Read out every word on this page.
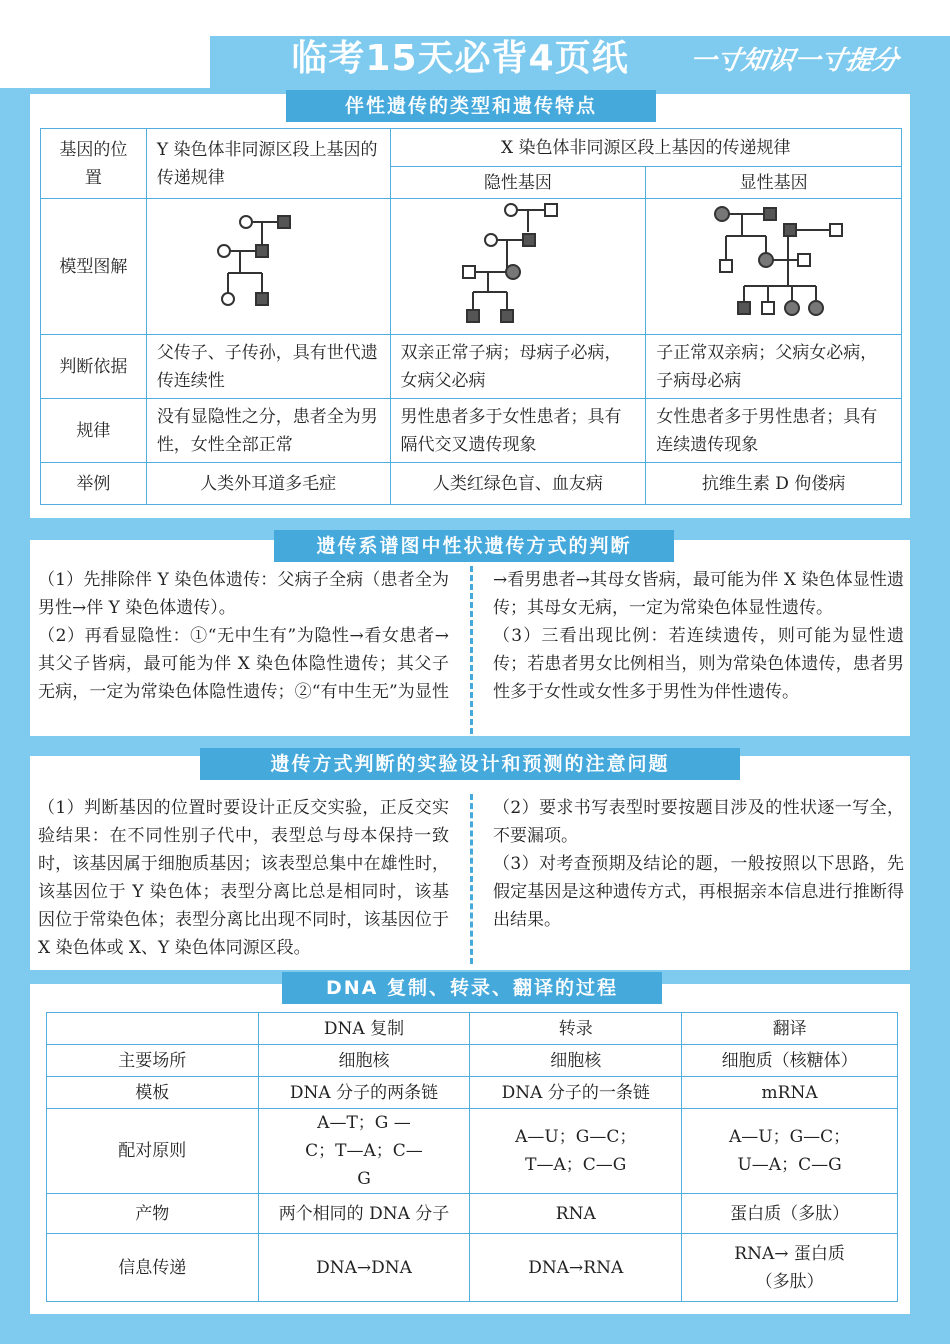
临考15天必背4页纸	一寸知识一寸提分
伴性遗传的类型和遗传特点
基因的位置	Y 染色体非同源区段上基因的传递规律	X 染色体非同源区段上基因的传递规律	
		隐性基因	显性基因
模型图解			
判断依据	父传子、子传孙，具有世代遗传连续性	双亲正常子病；母病子必病，女病父必病	子正常双亲病；父病女必病，子病母必病
规律	没有显隐性之分，患者全为男性，女性全部正常	男性患者多于女性患者；具有隔代交叉遗传现象	女性患者多于男性患者；具有连续遗传现象
举例	人类外耳道多毛症	人类红绿色盲、血友病	抗维生素 D 佝偻病
遗传系谱图中性状遗传方式的判断

（1）先排除伴 Y 染色体遗传：父病子全病（患者全为男性→伴 Y 染色体遗传）。

（2）再看显隐性：①“无中生有”为隐性→看女患者→其父子皆病，最可能为伴 X 染色体隐性遗传；其父子无病，一定为常染色体隐性遗传；②“有中生无”为显性→看男患者→其母女皆病，最可能为伴 X 染色体显性遗传；其母女无病，一定为常染色体显性遗传。

（3）三看出现比例：若连续遗传，则可能为显性遗传；若患者男女比例相当，则为常染色体遗传，患者男性多于女性或女性多于男性为伴性遗传。

遗传方式判断的实验设计和预测的注意问题

（1）判断基因的位置时要设计正反交实验，正反交实验结果：在不同性别子代中，表型总与母本保持一致时，该基因属于细胞质基因；该表型总集中在雄性时，该基因位于 Y 染色体；表型分离比总是相同时，该基因位于常染色体；表型分离比出现不同时，该基因位于 X 染色体或 X、Y 染色体同源区段。

（2）要求书写表型时要按题目涉及的性状逐一写全，不要漏项。

（3）对考查预期及结论的题，一般按照以下思路，先假定基因是这种遗传方式，再根据亲本信息进行推断得出结果。

DNA 复制、转录、翻译的过程
	DNA 复制	转录	翻译
主要场所	细胞核	细胞核	细胞质（核糖体）
模板	DNA 分子的两条链	DNA 分子的一条链	mRNA
配对原则	A—T；G —C；T—A；C—G	A—U；G—C；T—A；C—G	A—U；G—C；U—A；C—G
产物	两个相同的 DNA 分子	RNA	蛋白质（多肽）
信息传递	DNA→DNA	DNA→RNA	RNA→ 蛋白质（多肽）
